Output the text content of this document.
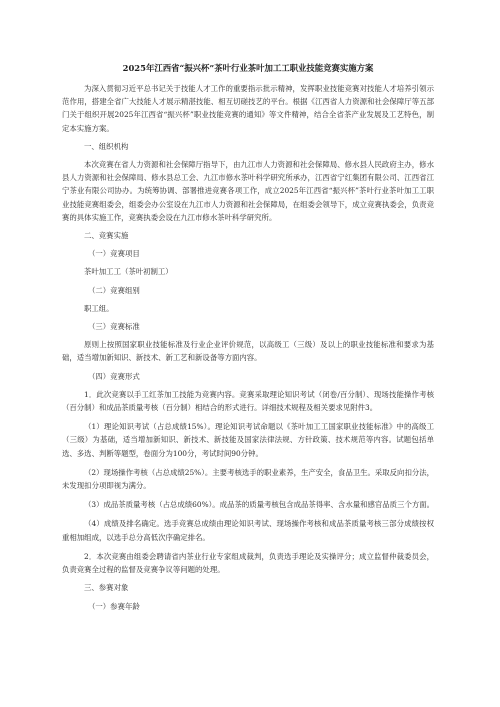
2025年江西省“振兴杯”茶叶行业茶叶加工工职业技能竞赛实施方案

为深入贯彻习近平总书记关于技能人才工作的重要指示批示精神，发挥职业技能竞赛对技能人才培养引领示范作用，搭建全省广大技能人才展示精湛技能、相互切磋技艺的平台。根据《江西省人力资源和社会保障厅等五部门关于组织开展2025年江西省“振兴杯”职业技能竞赛的通知》等文件精神，结合全省茶产业发展及工艺特色，制定本实施方案。

一、组织机构

本次竞赛在省人力资源和社会保障厅指导下，由九江市人力资源和社会保障局、修水县人民政府主办，修水县人力资源和社会保障局、修水县总工会、九江市修水茶叶科学研究所承办，江西省宁红集团有限公司、江西省江宁茶业有限公司协办。为统筹协调、部署推进竞赛各项工作，成立2025年江西省“振兴杯”茶叶行业茶叶加工工职业技能竞赛组委会，组委会办公室设在九江市人力资源和社会保障局，在组委会领导下，成立竞赛执委会，负责竞赛的具体实施工作，竞赛执委会设在九江市修水茶叶科学研究所。

二、竞赛实施

（一）竞赛项目

茶叶加工工（茶叶初制工）

（二）竞赛组别

职工组。

（三）竞赛标准

原则上按照国家职业技能标准及行业企业评价规范，以高级工（三级）及以上的职业技能标准和要求为基础，适当增加新知识、新技术、新工艺和新设备等方面内容。

（四）竞赛形式

1．此次竞赛以手工红茶加工技能为竞赛内容。竞赛采取理论知识考试（闭卷/百分制）、现场技能操作考核（百分制）和成品茶质量考核（百分制）相结合的形式进行。详细技术规程及相关要求见附件3。

（1）理论知识考试（占总成绩15%）。理论知识考试命题以《茶叶加工工国家职业技能标准》中的高级工（三级）为基础，适当增加新知识、新技术、新技能及国家法律法规、方针政策、技术规范等内容。试题包括单选、多选、判断等题型，卷面分为100分，考试时间90分钟。

（2）现场操作考核（占总成绩25%）。主要考核选手的职业素养，生产安全，食品卫生。采取反向扣分法，未发现扣分项即视为满分。

（3）成品茶质量考核（占总成绩60%）。成品茶的质量考核包含成品茶得率、含水量和感官品质三个方面。

（4）成绩及排名确定。选手竞赛总成绩由理论知识考试、现场操作考核和成品茶质量考核三部分成绩按权重相加组成，以选手总分高低次序确定排名。

2．本次竞赛由组委会聘请省内茶业行业专家组成裁判，负责选手理论及实操评分；成立监督仲裁委员会，负责竞赛全过程的监督及竞赛争议等问题的处理。

三、参赛对象

（一）参赛年龄
